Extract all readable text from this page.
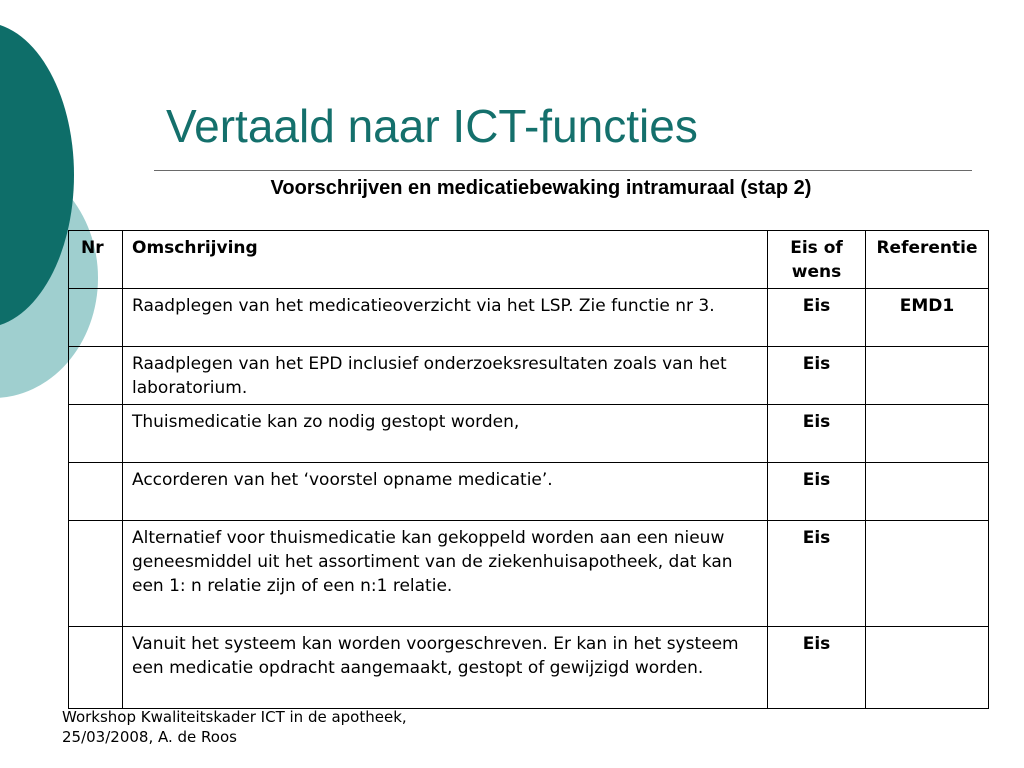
Vertaald naar ICT-functies
Voorschrijven en medicatiebewaking intramuraal (stap 2)
Nr	Omschrijving	Eis of wens	Referentie
	Raadplegen van het medicatieoverzicht via het LSP. Zie functie nr 3.	Eis	EMD1
	Raadplegen van het EPD inclusief onderzoeksresultaten zoals van het laboratorium.	Eis	
	Thuismedicatie kan zo nodig gestopt worden,	Eis	
	Accorderen van het ‘voorstel opname medicatie’.	Eis	
	Alternatief voor thuismedicatie kan gekoppeld worden aan een nieuw geneesmiddel uit het assortiment van de ziekenhuisapotheek, dat kan een 1: n relatie zijn of een n:1 relatie.	Eis	
	Vanuit het systeem kan worden voorgeschreven. Er kan in het systeem een medicatie opdracht aangemaakt, gestopt of gewijzigd worden.	Eis	
Workshop Kwaliteitskader ICT in de apotheek,
25/03/2008, A. de Roos
